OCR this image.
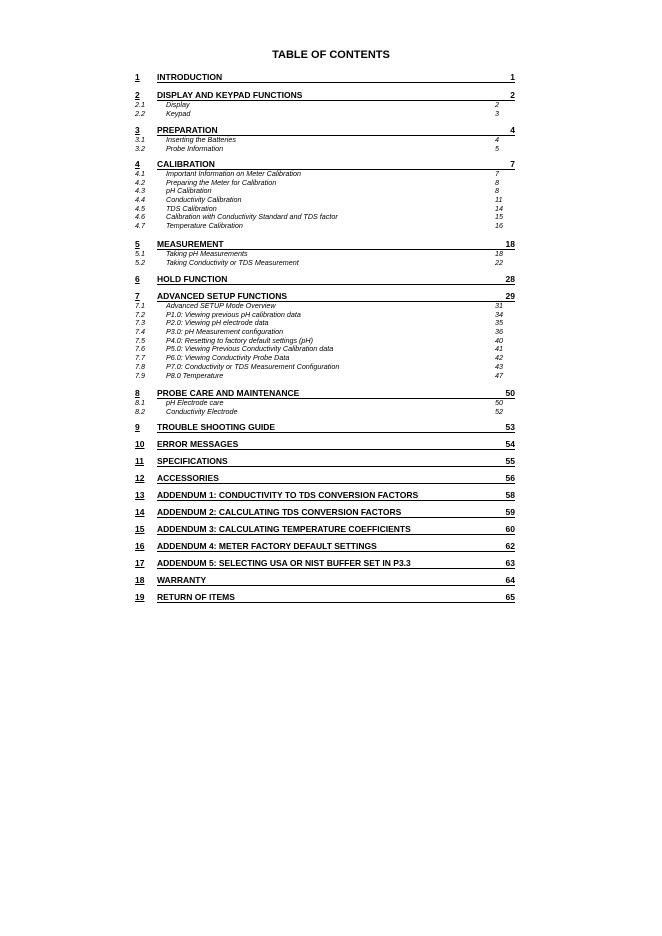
TABLE OF CONTENTS
1	INTRODUCTION	1
2	DISPLAY AND KEYPAD FUNCTIONS	2
2.1	Display	2
2.2	Keypad	3
3	PREPARATION	4
3.1	Inserting the Batteries	4
3.2	Probe Information	5
4	CALIBRATION	7
4.1	Important Information on Meter Calibration	7
4.2	Preparing the Meter for Calibration	8
4.3	pH Calibration	8
4.4	Conductivity Calibration	11
4.5	TDS Calibration	14
4.6	Calibration with Conductivity Standard and TDS factor	15
4.7	Temperature Calibration	16
5	MEASUREMENT	18
5.1	Taking pH Measurements	18
5.2	Taking Conductivity or TDS Measurement	22
6	HOLD FUNCTION	28
7	ADVANCED SETUP FUNCTIONS	29
7.1	Advanced SETUP Mode Overview	31
7.2	P1.0: Viewing previous pH calibration data	34
7.3	P2.0: Viewing pH electrode data	35
7.4	P3.0: pH Measurement configuration	36
7.5	P4.0: Resetting to factory default settings (pH)	40
7.6	P5.0: Viewing Previous Conductivity Calibration data	41
7.7	P6.0: Viewing Conductivity Probe Data	42
7.8	P7.0: Conductivity or TDS Measurement Configuration	43
7.9	P8.0 Temperature	47
8	PROBE CARE AND MAINTENANCE	50
8.1	pH Electrode care	50
8.2	Conductivity Electrode	52
9	TROUBLE SHOOTING GUIDE	53
10	ERROR MESSAGES	54
11	SPECIFICATIONS	55
12	ACCESSORIES	56
13	ADDENDUM 1: CONDUCTIVITY TO TDS CONVERSION FACTORS	58
14	ADDENDUM 2: CALCULATING TDS CONVERSION FACTORS	59
15	ADDENDUM 3: CALCULATING TEMPERATURE COEFFICIENTS	60
16	ADDENDUM 4: METER FACTORY DEFAULT SETTINGS	62
17	ADDENDUM 5: SELECTING USA OR NIST BUFFER SET IN P3.3	63
18	WARRANTY	64
19	RETURN OF ITEMS	65
